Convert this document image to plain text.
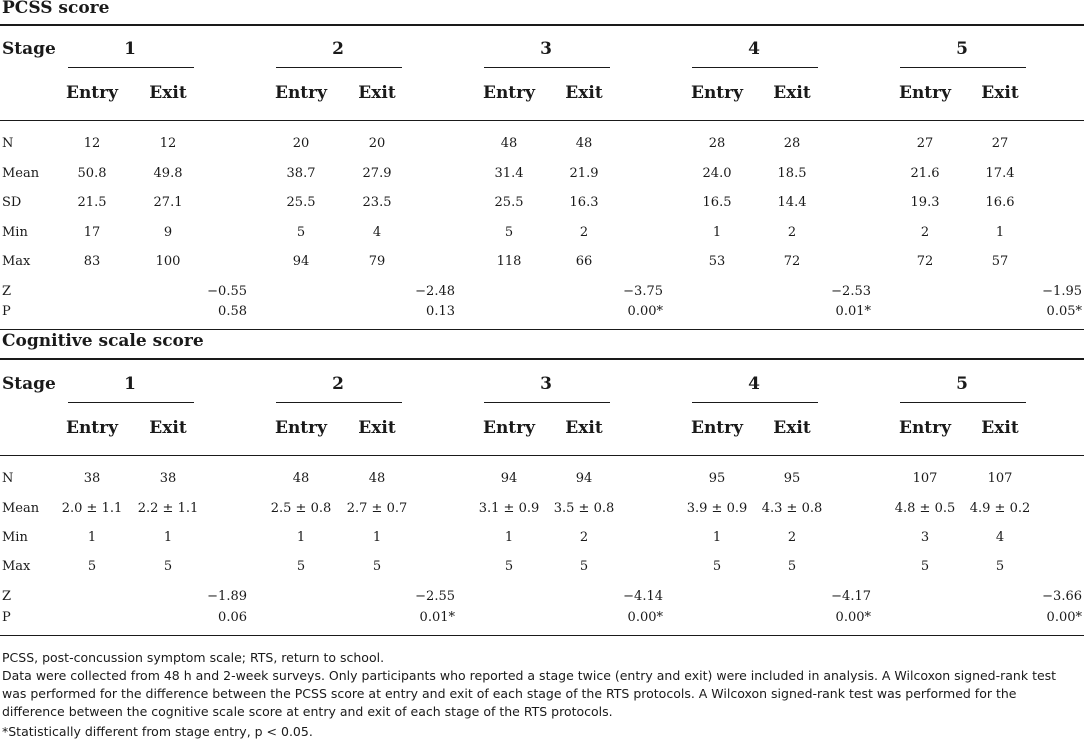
PCSS score
Stage	1
Entry Exit
2
Entry Exit
3
Entry Exit
4
Entry Exit
5
Entry Exit
N	12	12	20	20	48	48	28	28	27	27
Mean	50.8	49.8	38.7	27.9	31.4	21.9	24.0	18.5	21.6	17.4
SD	21.5	27.1	25.5	23.5	25.5	16.3	16.5	14.4	19.3	16.6
Min	17	9	5	4	5	2	1	2	2	1
Max	83	100	94	79	118	66	53	72	72	57
Z	−0.55	−2.48	−3.75	−2.53	−1.95
P	0.58	0.13	0.00*	0.01*	0.05*
Cognitive scale score
Stage	1
Entry Exit
2
Entry Exit
3
Entry Exit
4
Entry Exit
5
Entry Exit
N	38	38	48	48	94	94	95	95	107	107
Mean 2.0 ± 1.1 2.2 ± 1.1	2.5 ± 0.8 2.7 ± 0.7	3.1 ± 0.9 3.5 ± 0.8	3.9 ± 0.9 4.3 ± 0.8	4.8 ± 0.5 4.9 ± 0.2
Min	1	1	1	1	1	2	1	2	3	4
Max	5	5	5	5	5	5	5	5	5	5
Z	−1.89	−2.55	−4.14	−4.17	−3.66
P	0.06	0.01*	0.00*	0.00*	0.00*
PCSS, post-concussion symptom scale; RTS, return to school.
Data were collected from 48 h and 2-week surveys. Only participants who reported a stage twice (entry and exit) were included in analysis. A Wilcoxon signed-rank test was performed for the difference between the PCSS score at entry and exit of each stage of the RTS protocols. A Wilcoxon signed-rank test was performed for the difference between the cognitive scale score at entry and exit of each stage of the RTS protocols.
*Statistically different from stage entry, p < 0.05.
